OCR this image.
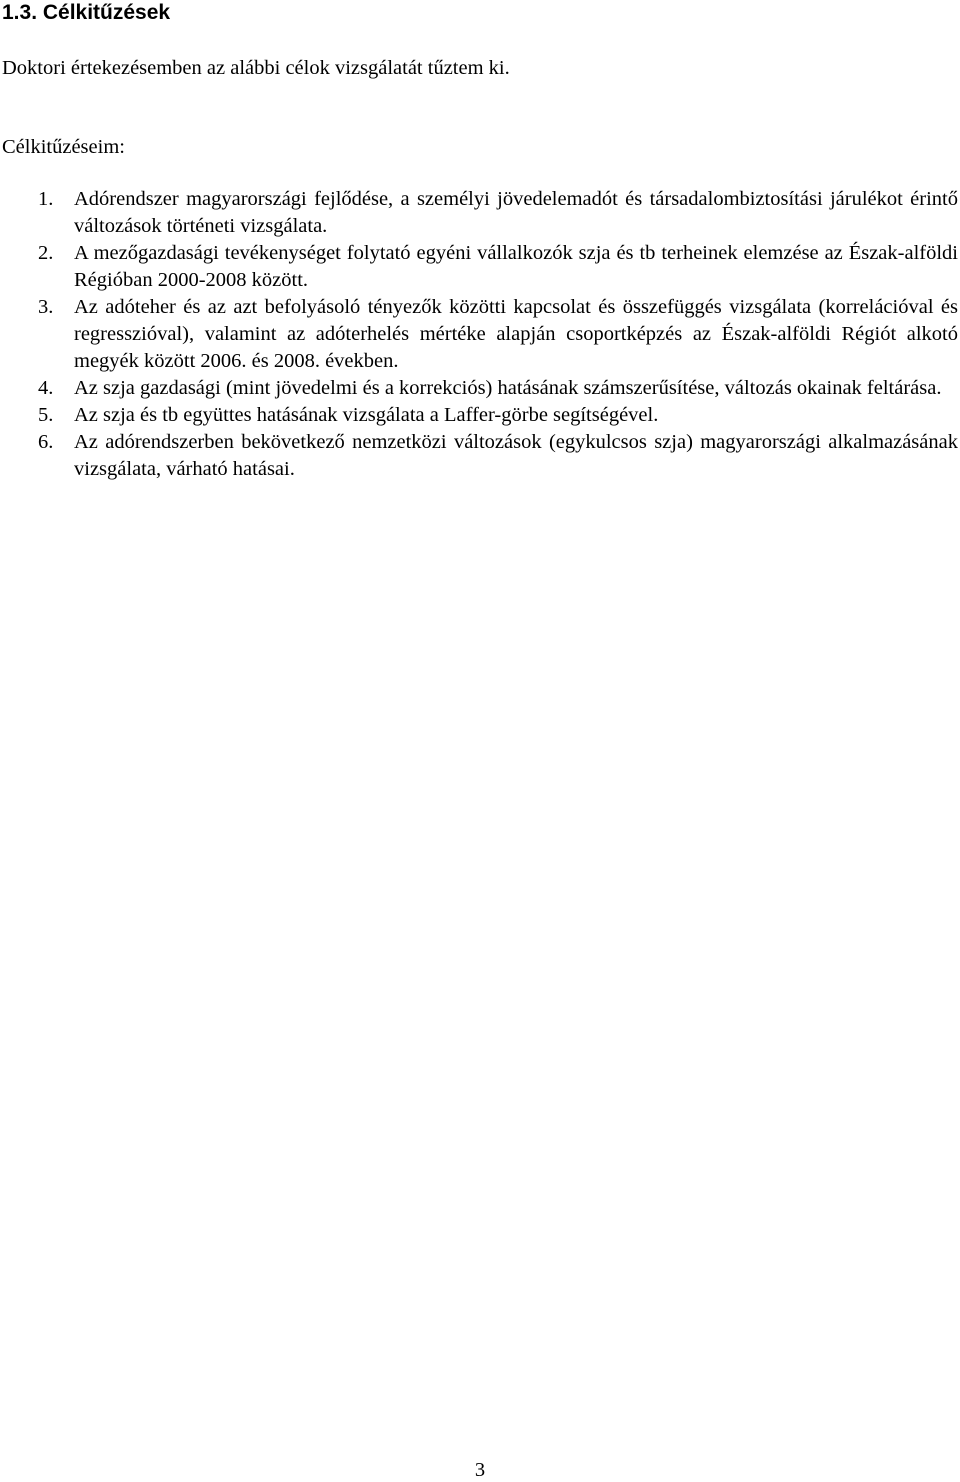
1.3. Célkitűzések

Doktori értekezésemben az alábbi célok vizsgálatát tűztem ki.

Célkitűzéseim:

1. Adórendszer magyarországi fejlődése, a személyi jövedelemadót és társadalombiztosítási járulékot érintő változások történeti vizsgálata.
2. A mezőgazdasági tevékenységet folytató egyéni vállalkozók szja és tb terheinek elemzése az Észak-alföldi Régióban 2000-2008 között.
3. Az adóteher és az azt befolyásoló tényezők közötti kapcsolat és összefüggés vizsgálata (korrelációval és regresszióval), valamint az adóterhelés mértéke alapján csoportképzés az Észak-alföldi Régiót alkotó megyék között 2006. és 2008. években.
4. Az szja gazdasági (mint jövedelmi és a korrekciós) hatásának számszerűsítése, változás okainak feltárása.
5. Az szja és tb együttes hatásának vizsgálata a Laffer-görbe segítségével.
6. Az adórendszerben bekövetkező nemzetközi változások (egykulcsos szja) magyarországi alkalmazásának vizsgálata, várható hatásai.

3
